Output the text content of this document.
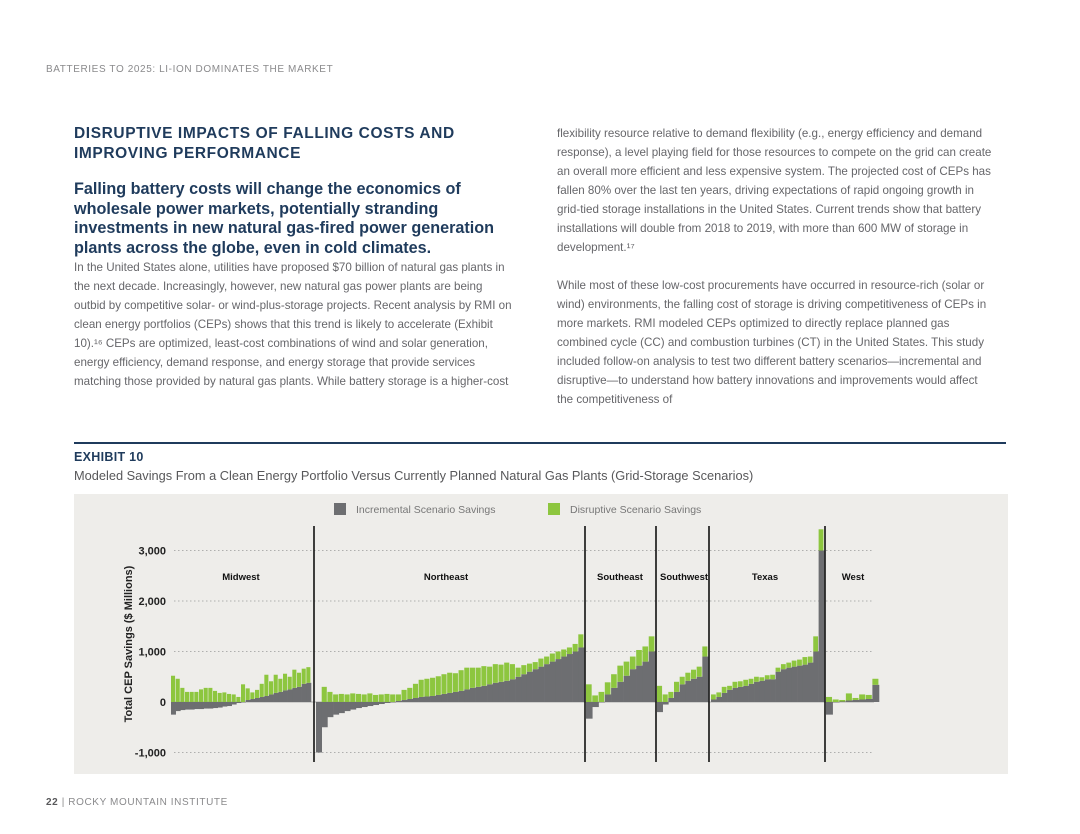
BATTERIES TO 2025: LI-ION DOMINATES THE MARKET
DISRUPTIVE IMPACTS OF FALLING COSTS AND IMPROVING PERFORMANCE
Falling battery costs will change the economics of wholesale power markets, potentially stranding investments in new natural gas-fired power generation plants across the globe, even in cold climates.

In the United States alone, utilities have proposed $70 billion of natural gas plants in the next decade. Increasingly, however, new natural gas power plants are being outbid by competitive solar- or wind-plus-storage projects. Recent analysis by RMI on clean energy portfolios (CEPs) shows that this trend is likely to accelerate (Exhibit 10).¹⁶ CEPs are optimized, least-cost combinations of wind and solar generation, energy efficiency, demand response, and energy storage that provide services matching those provided by natural gas plants. While battery storage is a higher-cost

flexibility resource relative to demand flexibility (e.g., energy efficiency and demand response), a level playing field for those resources to compete on the grid can create an overall more efficient and less expensive system. The projected cost of CEPs has fallen 80% over the last ten years, driving expectations of rapid ongoing growth in grid-tied storage installations in the United States. Current trends show that battery installations will double from 2018 to 2019, with more than 600 MW of storage in development.¹⁷

While most of these low-cost procurements have occurred in resource-rich (solar or wind) environments, the falling cost of storage is driving competitiveness of CEPs in more markets. RMI modeled CEPs optimized to directly replace planned gas combined cycle (CC) and combustion turbines (CT) in the United States. This study included follow-on analysis to test two different battery scenarios—incremental and disruptive—to understand how battery innovations and improvements would affect the competitiveness of

EXHIBIT 10
Modeled Savings From a Clean Energy Portfolio Versus Currently Planned Natural Gas Plants (Grid-Storage Scenarios)
-1,000
0
1,000
2,000
3,000
Total CEP Savings ($ Millions)
Incremental Scenario Savings	Disruptive Scenario Savings
Midwest	Northeast	Southeast Southwest	Texas	West
22 | ROCKY MOUNTAIN INSTITUTE
